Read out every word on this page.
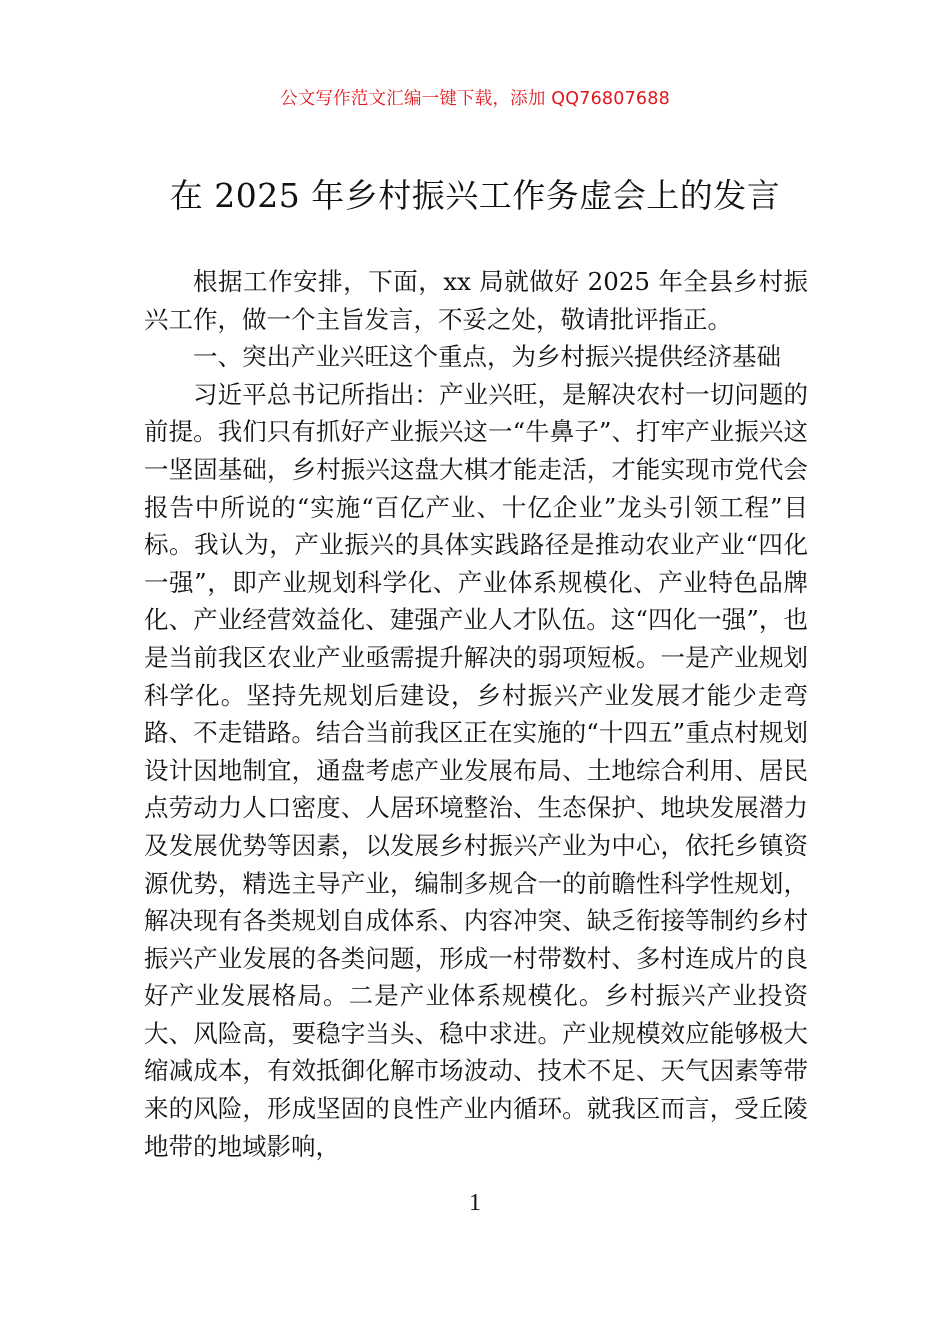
公文写作范文汇编一键下载，添加 QQ76807688
在 2025 年乡村振兴工作务虚会上的发言

根据工作安排，下面，xx 局就做好 2025 年全县乡村振兴工作，做一个主旨发言，不妥之处，敬请批评指正。

一、突出产业兴旺这个重点，为乡村振兴提供经济基础

习近平总书记所指出：产业兴旺，是解决农村一切问题的前提。我们只有抓好产业振兴这一“牛鼻子”、打牢产业振兴这一坚固基础，乡村振兴这盘大棋才能走活，才能实现市党代会报告中所说的“实施“百亿产业、十亿企业”龙头引领工程”目标。我认为，产业振兴的具体实践路径是推动农业产业“四化一强”，即产业规划科学化、产业体系规模化、产业特色品牌化、产业经营效益化、建强产业人才队伍。这“四化一强”，也是当前我区农业产业亟需提升解决的弱项短板。一是产业规划科学化。坚持先规划后建设，乡村振兴产业发展才能少走弯路、不走错路。结合当前我区正在实施的“十四五”重点村规划设计因地制宜，通盘考虑产业发展布局、土地综合利用、居民点劳动力人口密度、人居环境整治、生态保护、地块发展潜力及发展优势等因素，以发展乡村振兴产业为中心，依托乡镇资源优势，精选主导产业，编制多规合一的前瞻性科学性规划，解决现有各类规划自成体系、内容冲突、缺乏衔接等制约乡村振兴产业发展的各类问题，形成一村带数村、多村连成片的良好产业发展格局。二是产业体系规模化。乡村振兴产业投资大、风险高，要稳字当头、稳中求进。产业规模效应能够极大缩减成本，有效抵御化解市场波动、技术不足、天气因素等带来的风险，形成坚固的良性产业内循环。就我区而言，受丘陵地带的地域影响，

1
